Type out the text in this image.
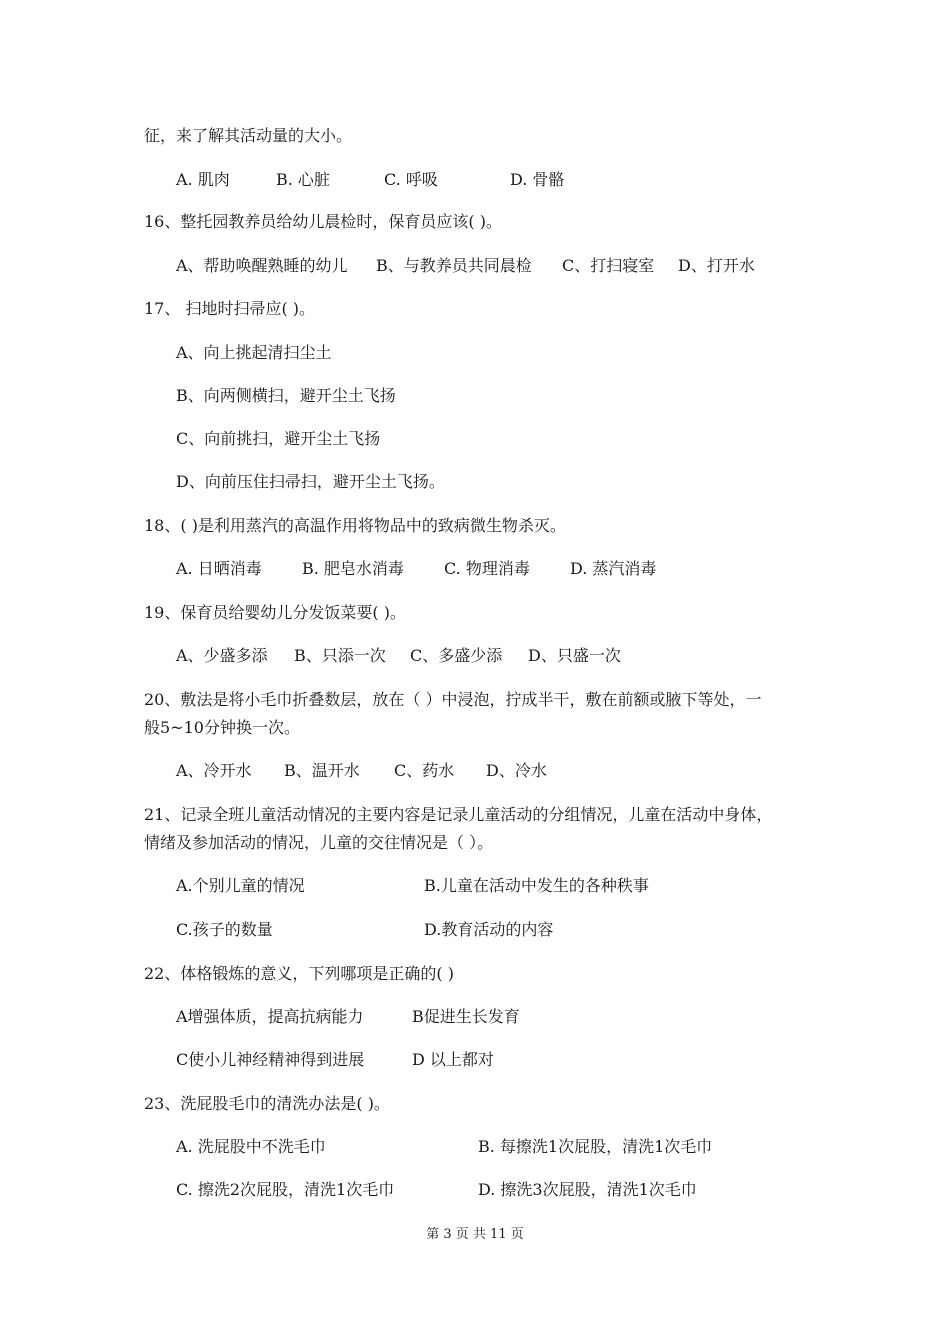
征，来了解其活动量的大小。
A. 肌肉	B. 心脏	C. 呼吸	D. 骨骼
16、整托园教养员给幼儿晨检时，保育员应该( )。
A、帮助唤醒熟睡的幼儿 B、与教养员共同晨检 C、打扫寝室 D、打开水
17、 扫地时扫帚应( )。
A、向上挑起清扫尘土
B、向两侧横扫，避开尘土飞扬
C、向前挑扫，避开尘土飞扬
D、向前压住扫帚扫，避开尘土飞扬。
18、( )是利用蒸汽的高温作用将物品中的致病微生物杀灭。
A. 日晒消毒	B. 肥皂水消毒	C. 物理消毒	D. 蒸汽消毒
19、保育员给婴幼儿分发饭菜要( )。
A、少盛多添 B、只添一次 C、多盛少添 D、只盛一次
20、敷法是将小毛巾折叠数层，放在（ ）中浸泡，拧成半干，敷在前额或腋下等处，一
般5~10分钟换一次。
A、冷开水 B、温开水 C、药水 D、冷水
21、记录全班儿童活动情况的主要内容是记录儿童活动的分组情况，儿童在活动中身体，
情绪及参加活动的情况，儿童的交往情况是（ ）。
A.个别儿童的情况	B.儿童在活动中发生的各种秩事
C.孩子的数量	D.教育活动的内容
22、体格锻炼的意义，下列哪项是正确的( )
A增强体质，提高抗病能力	B促进生长发育
C使小儿神经精神得到进展	D 以上都对
23、洗屁股毛巾的清洗办法是( )。
A. 洗屁股中不洗毛巾	B. 每擦洗1次屁股，清洗1次毛巾
C. 擦洗2次屁股，清洗1次毛巾	D. 擦洗3次屁股，清洗1次毛巾
第 3 页 共 11 页
